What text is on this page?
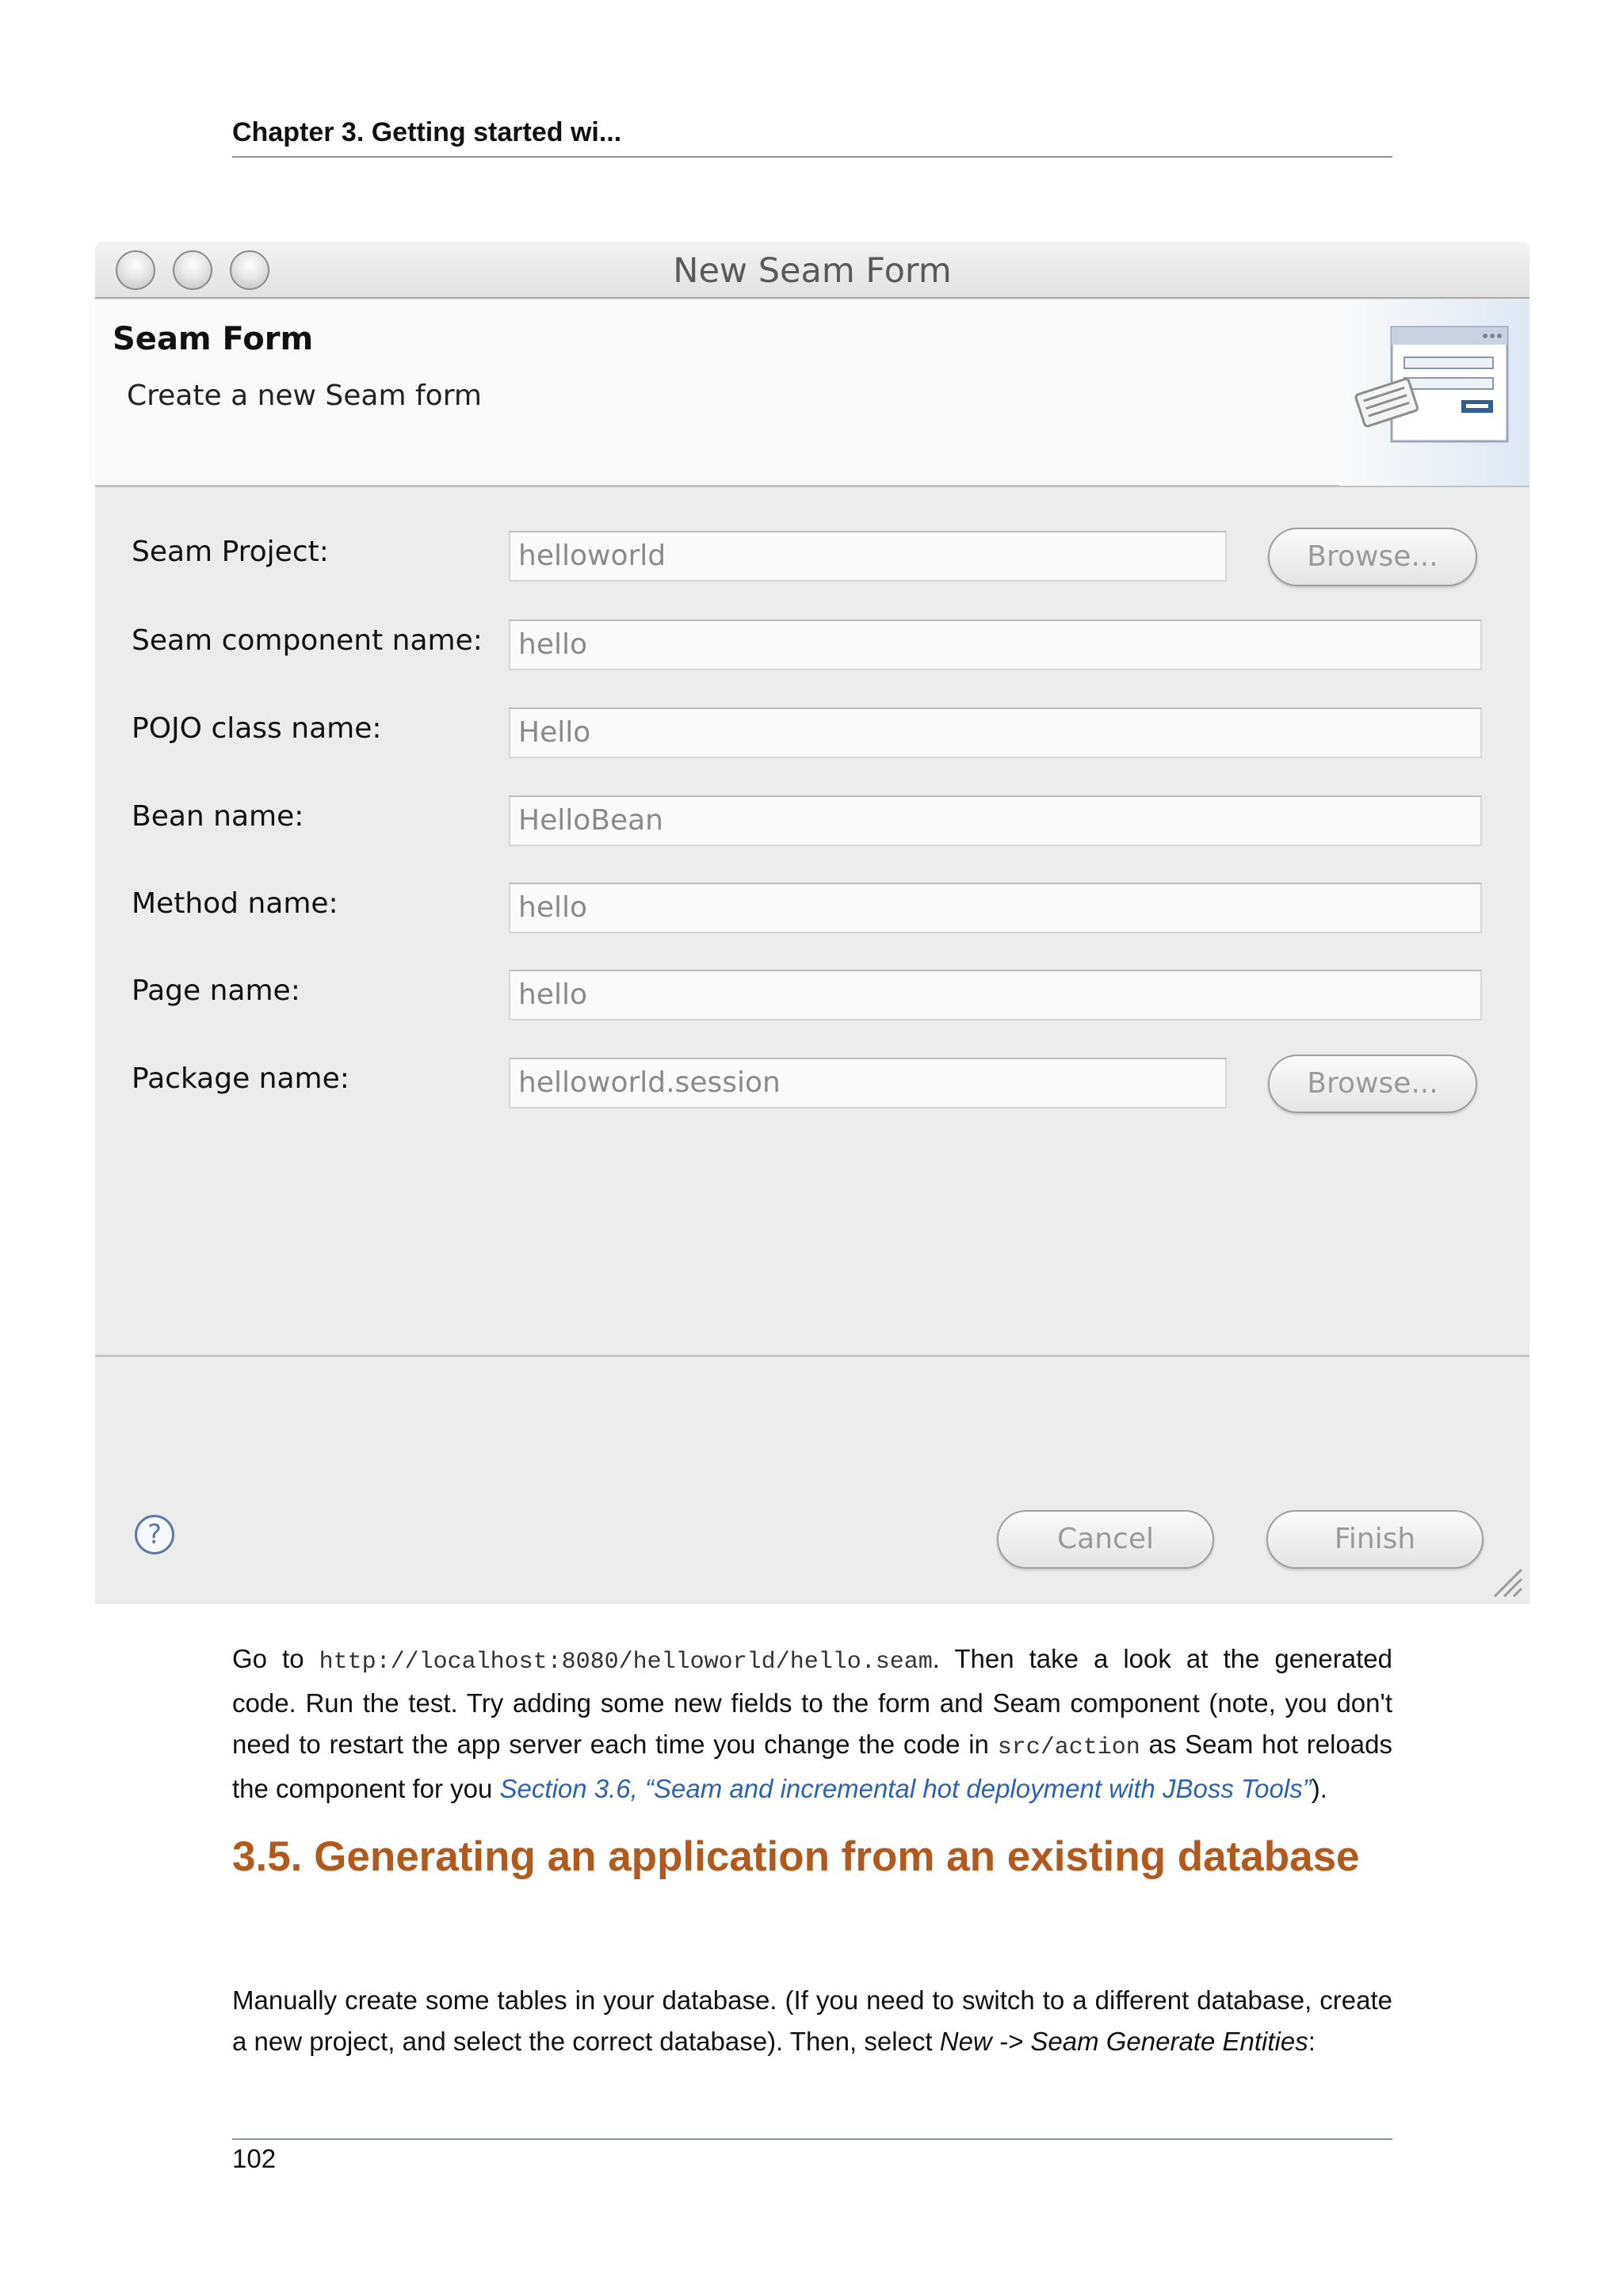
Chapter 3. Getting started wi...
New Seam Form
Seam Form
Create a new Seam form
Seam Project:	helloworld	Browse...
Seam component name:	hello
POJO class name:	Hello
Bean name:	HelloBean
Method name:	hello
Page name:	hello
Package name:	helloworld.session	Browse...
?	Cancel	Finish
Go to http://localhost:8080/helloworld/hello.seam. Then take a look at the generated code. Run the test. Try adding some new fields to the form and Seam component (note, you don't need to restart the app server each time you change the code in src/action as Seam hot reloads the component for you Section 3.6, “Seam and incremental hot deployment with JBoss Tools”).
3.5. Generating an application from an existing database
Manually create some tables in your database. (If you need to switch to a different database, create a new project, and select the correct database). Then, select New -> Seam Generate Entities:
102
